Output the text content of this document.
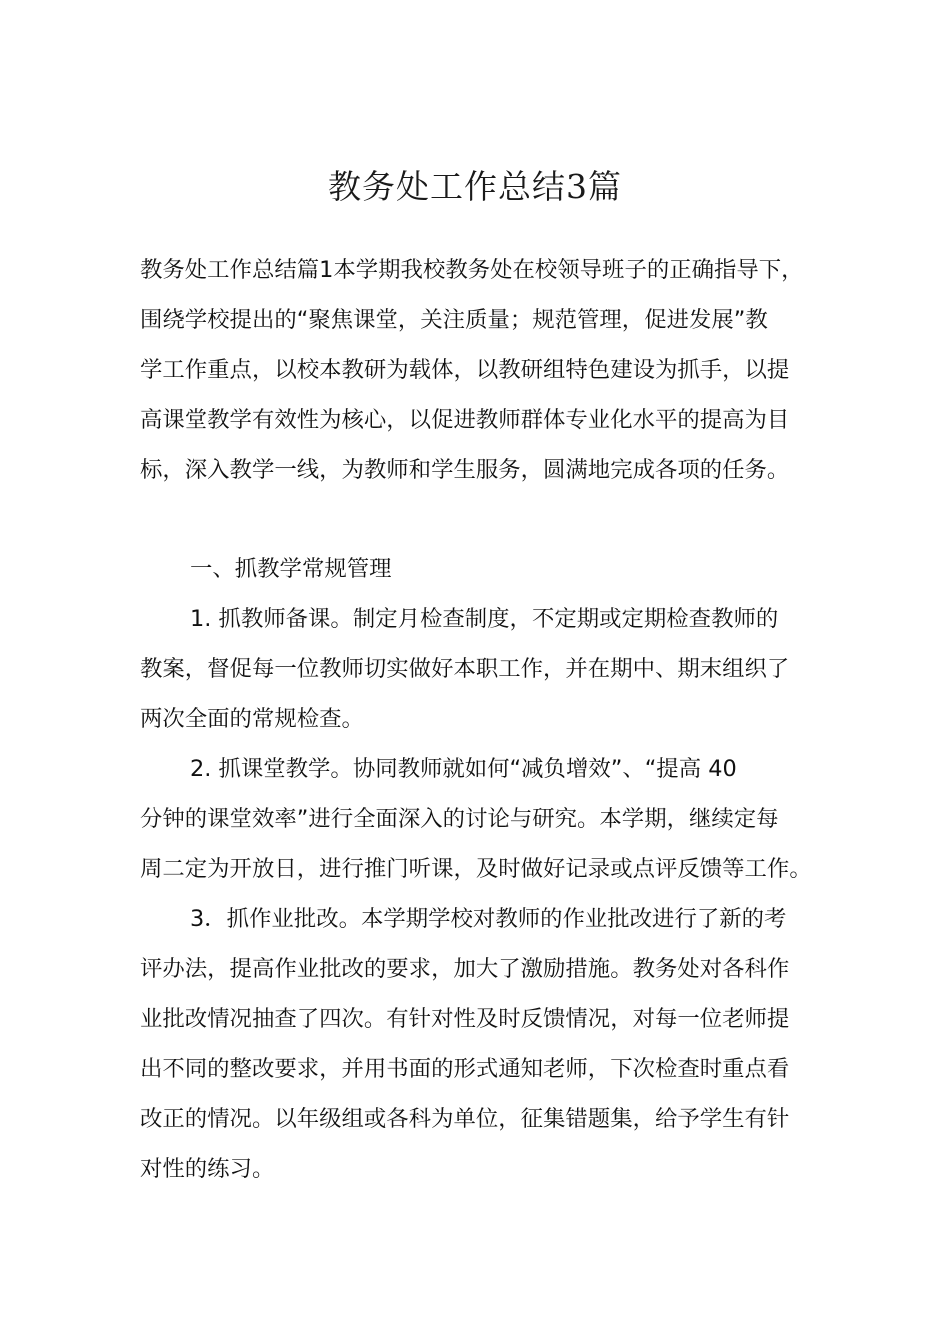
教务处工作总结3篇
教务处工作总结篇1本学期我校教务处在校领导班子的正确指导下，
围绕学校提出的“聚焦课堂，关注质量；规范管理，促进发展”教
学工作重点，以校本教研为载体，以教研组特色建设为抓手，以提
高课堂教学有效性为核心，以促进教师群体专业化水平的提高为目
标，深入教学一线，为教师和学生服务，圆满地完成各项的任务。
一、抓教学常规管理
1. 抓教师备课。制定月检查制度，不定期或定期检查教师的
教案，督促每一位教师切实做好本职工作，并在期中、期末组织了
两次全面的常规检查。
2. 抓课堂教学。协同教师就如何“减负增效”、“提高 40
分钟的课堂效率”进行全面深入的讨论与研究。本学期，继续定每
周二定为开放日，进行推门听课，及时做好记录或点评反馈等工作。
3．抓作业批改。本学期学校对教师的作业批改进行了新的考
评办法，提高作业批改的要求，加大了激励措施。教务处对各科作
业批改情况抽查了四次。有针对性及时反馈情况，对每一位老师提
出不同的整改要求，并用书面的形式通知老师，下次检查时重点看
改正的情况。以年级组或各科为单位，征集错题集，给予学生有针
对性的练习。
